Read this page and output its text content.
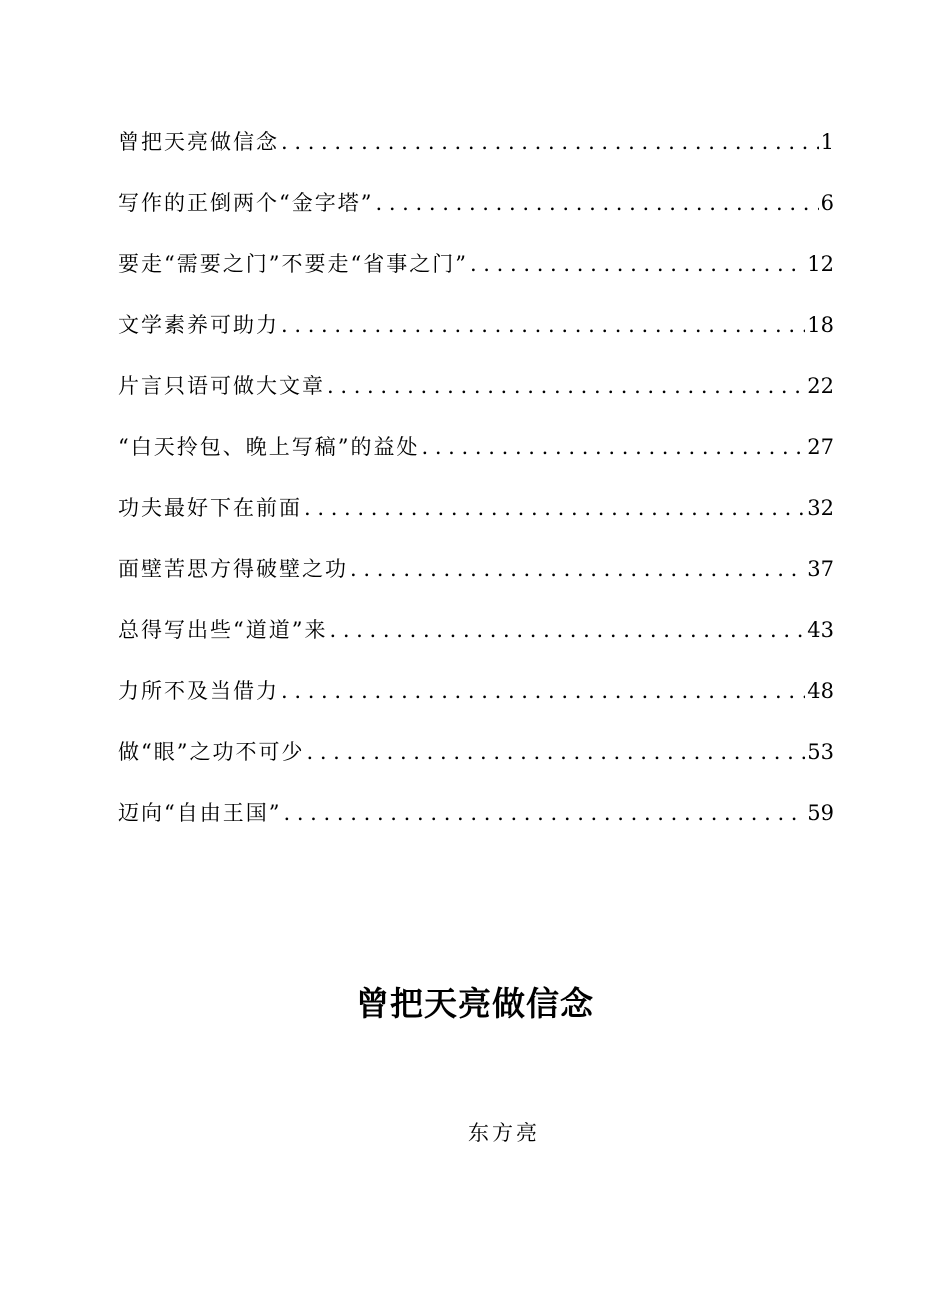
曾把天亮做信念 . . .	1
写作的正倒两个“金字塔” . . .	6
要走“需要之门”不要走“省事之门” . . .	12
文学素养可助力 . . .	18
片言只语可做大文章 . . .	22
“白天拎包、晚上写稿”的益处 . . .	27
功夫最好下在前面 . . .	32
面壁苦思方得破壁之功 . . .	37
总得写出些“道道”来 . . .	43
力所不及当借力 . . .	48
做“眼”之功不可少 . . .	53
迈向“自由王国” . . .	59
曾把天亮做信念
东方亮
